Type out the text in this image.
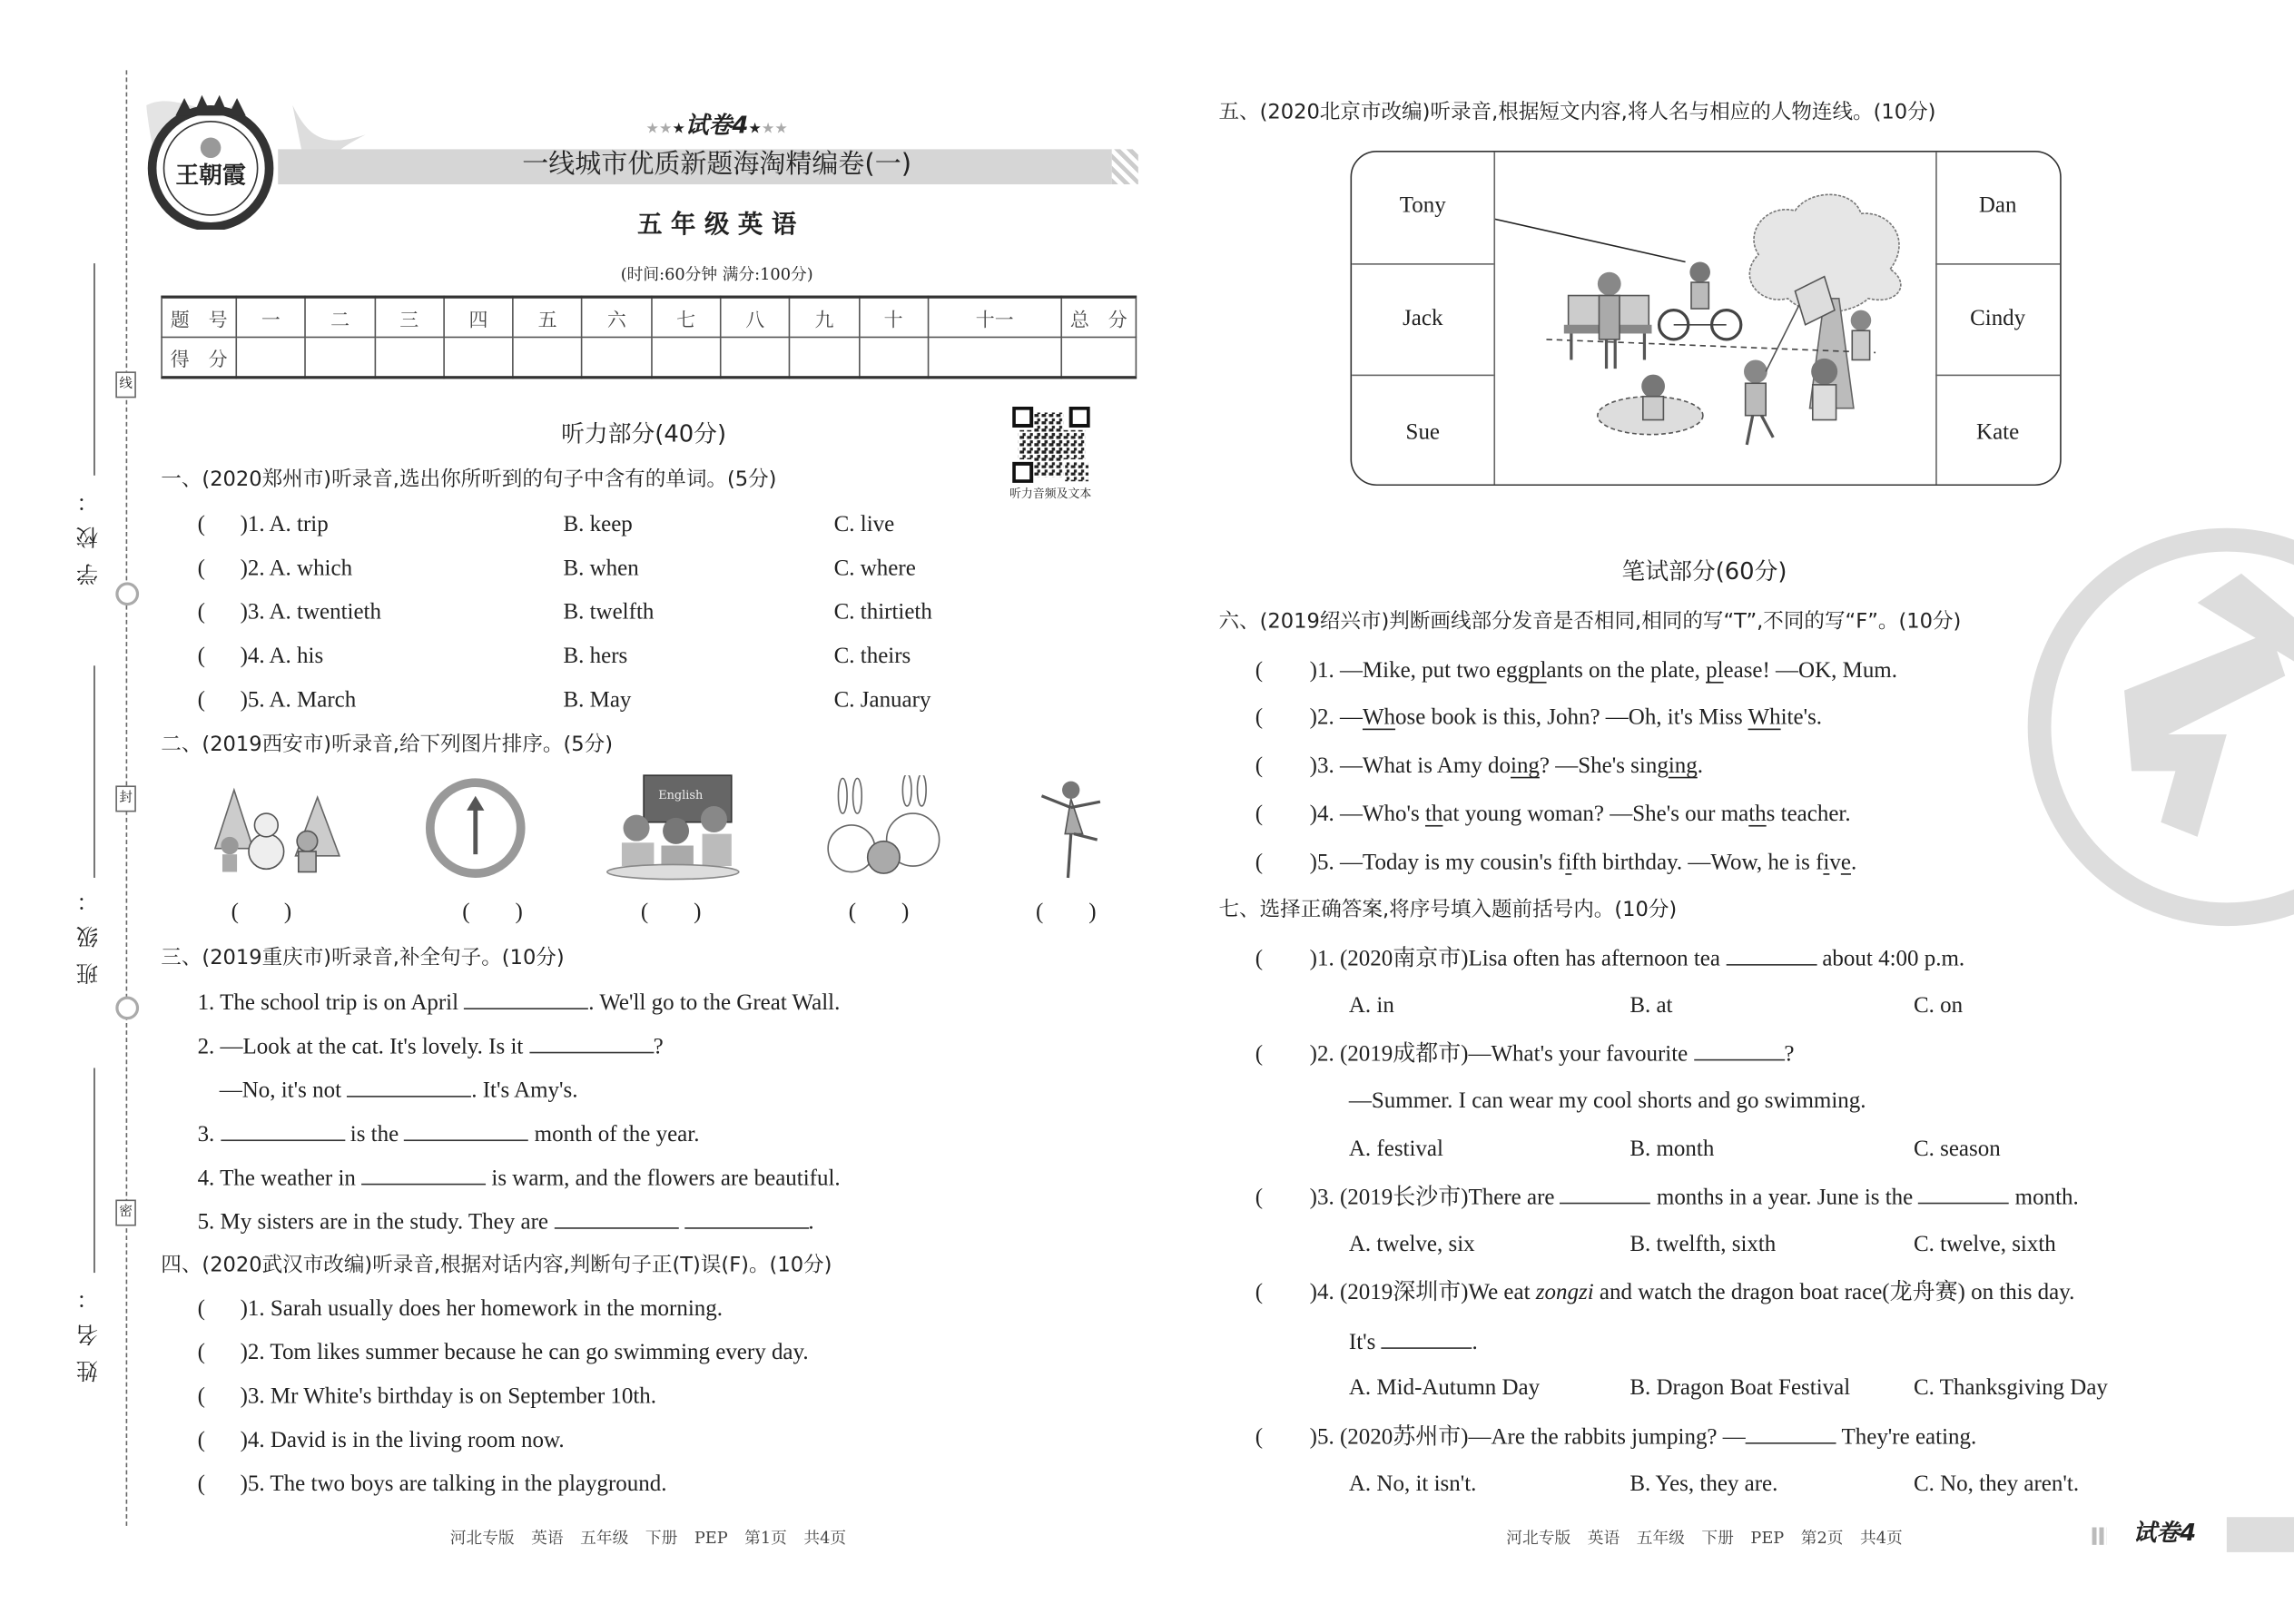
学校：
班级：
姓名：
线
封
密
王朝霞
★★★试卷4★★★
一线城市优质新题海淘精编卷(一)
五 年 级 英 语
(时间:60分钟 满分:100分)
题　号	一	二	三	四	五	六	七	八	九	十	十一	总　分
得　分												
听力部分(40分)
听力音频及文本
一、(2020郑州市)听录音,选出你所听到的句子中含有的单词。(5分)
( )1. A. trip	B. keep	C. live
( )2. A. which	B. when	C. where
( )3. A. twentieth	B. twelfth	C. thirtieth
( )4. A. his	B. hers	C. theirs
( )5. A. March	B. May	C. January
二、(2019西安市)听录音,给下列图片排序。(5分)
English
(　　)	(　　)	(　　)	(　　)	(　　)
三、(2019重庆市)听录音,补全句子。(10分)
1. The school trip is on April	. We'll go to the Great Wall.
2. —Look at the cat. It's lovely. Is it	?
—No, it's not	. It's Amy's.
3.	is the	month of the year.
4. The weather in	is warm, and the flowers are beautiful.
5. My sisters are in the study. They are	.
四、(2020武汉市改编)听录音,根据对话内容,判断句子正(T)误(F)。(10分)
( )1. Sarah usually does her homework in the morning.
( )2. Tom likes summer because he can go swimming every day.
( )3. Mr White's birthday is on September 10th.
( )4. David is in the living room now.
( )5. The two boys are talking in the playground.
河北专版 英语 五年级 下册 PEP 第1页 共4页
五、(2020北京市改编)听录音,根据短文内容,将人名与相应的人物连线。(10分)
Tony
Jack
Sue
Dan
Cindy
Kate
笔试部分(60分)
六、(2019绍兴市)判断画线部分发音是否相同,相同的写“T”,不同的写“F”。(10分)
(	)1. —Mike, put two eggplants on the plate, please! —OK, Mum.
(	)2. —Whose book is this, John? —Oh, it's Miss White's.
(	)3. —What is Amy doing? —She's singing.
(	)4. —Who's that young woman? —She's our maths teacher.
(	)5. —Today is my cousin's fifth birthday. —Wow, he is five.
七、选择正确答案,将序号填入题前括号内。(10分)
(	)1. (2020南京市)Lisa often has afternoon tea	about 4:00 p.m.
A. in	B. at	C. on
(	)2. (2019成都市)—What's your favourite	?
—Summer. I can wear my cool shorts and go swimming.
A. festival	B. month	C. season
(	)3. (2019长沙市)There are	months in a year. June is the	month.
A. twelve, six	B. twelfth, sixth	C. twelve, sixth
(	)4. (2019深圳市)We eat zongzi and watch the dragon boat race(龙舟赛) on this day.
It's	.
A. Mid-Autumn Day	B. Dragon Boat Festival	C. Thanksgiving Day
(	)5. (2020苏州市)—Are the rabbits jumping? —	They're eating.
A. No, it isn't.	B. Yes, they are.	C. No, they aren't.
河北专版 英语 五年级 下册 PEP 第2页 共4页	试卷4
